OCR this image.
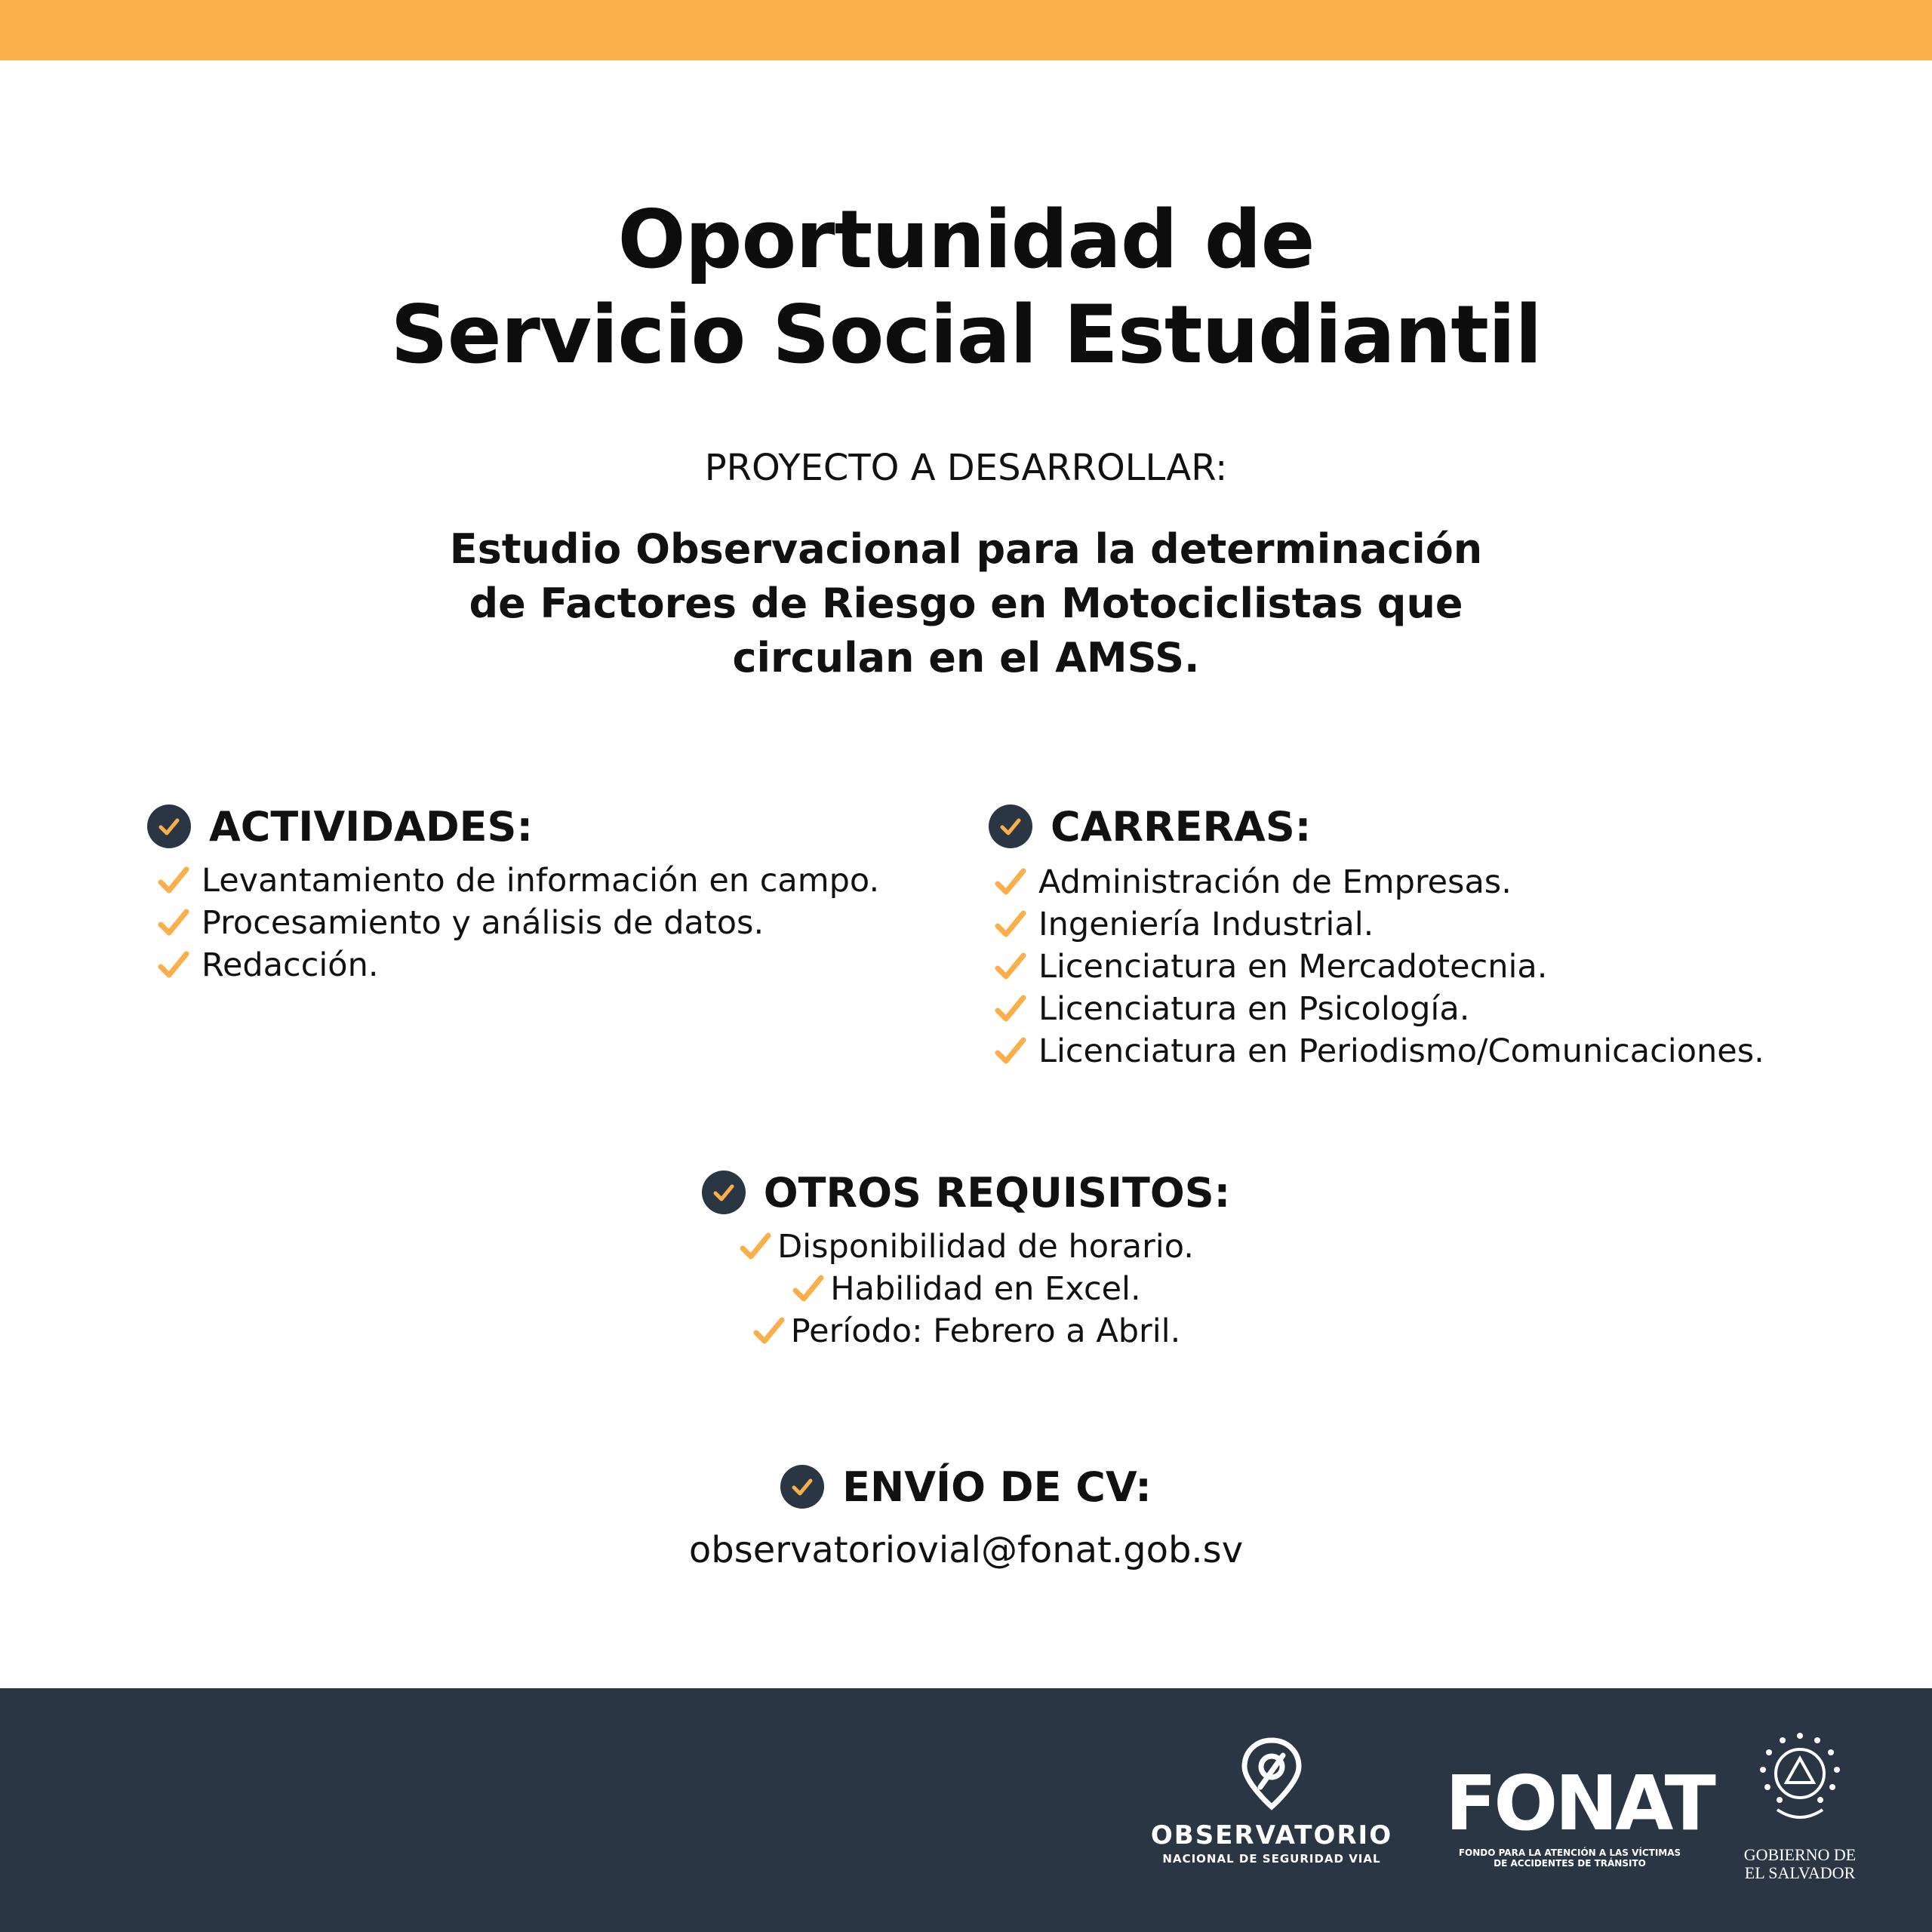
Oportunidad de
Servicio Social Estudiantil
PROYECTO A DESARROLLAR:
Estudio Observacional para la determinación
de Factores de Riesgo en Motociclistas que
circulan en el AMSS.
ACTIVIDADES:
Levantamiento de información en campo.
Procesamiento y análisis de datos.
Redacción.
CARRERAS:
Administración de Empresas.
Ingeniería Industrial.
Licenciatura en Mercadotecnia.
Licenciatura en Psicología.
Licenciatura en Periodismo/Comunicaciones.
OTROS REQUISITOS:
Disponibilidad de horario.
Habilidad en Excel.
Período: Febrero a Abril.
ENVÍO DE CV:
observatoriovial@fonat.gob.sv
OBSERVATORIO
NACIONAL DE SEGURIDAD VIAL
FONAT
FONDO PARA LA ATENCIÓN A LAS VÍCTIMAS
DE ACCIDENTES DE TRÁNSITO	GOBIERNO DE
EL SALVADOR
